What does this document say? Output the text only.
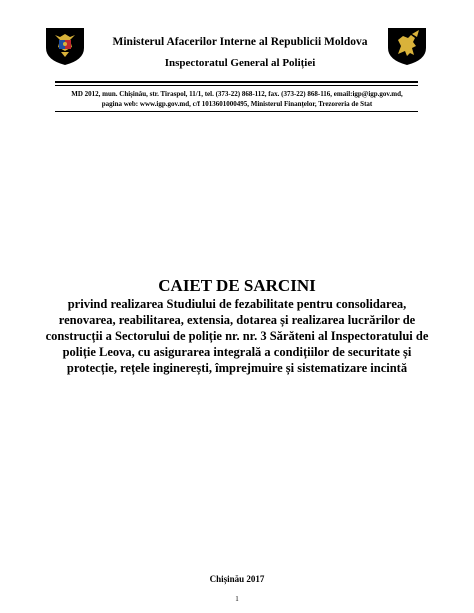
Ministerul Afacerilor Interne al Republicii Moldova
Inspectoratul General al Poliției
MD 2012, mun. Chișinău, str. Tiraspol, 11/1, tel. (373-22) 868-112, fax. (373-22) 868-116, email:igp@igp.gov.md,
pagina web: www.igp.gov.md, c/f 1013601000495, Ministerul Finanțelor, Trezoreria de Stat
CAIET DE SARCINI
privind realizarea Studiului de fezabilitate pentru consolidarea,
renovarea, reabilitarea, extensia, dotarea și realizarea lucrărilor de
construcții a Sectorului de poliție nr. nr. 3 Sărăteni al Inspectoratului de
poliție Leova, cu asigurarea integrală a condițiilor de securitate și
protecție, rețele inginerești, împrejmuire și sistematizare incintă
Chișinău 2017
1
